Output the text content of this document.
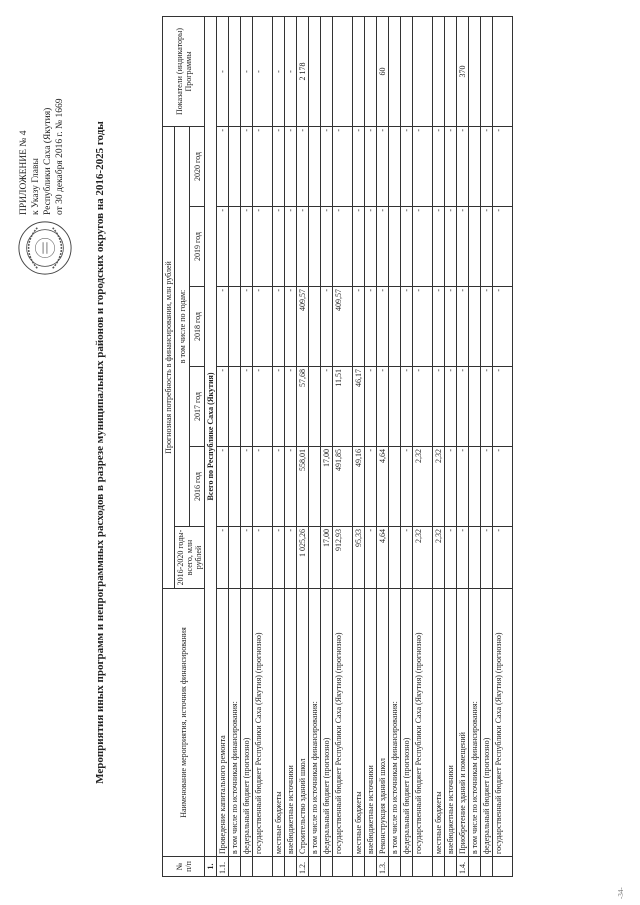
-34-
ПРИЛОЖЕНИЕ № 4 к Указу Главы Республики Саха (Якутия) от 30 декабря 2016 г. № 1669	Мероприятия иных программ и непрограммных расходов в разрезе муниципальных районов и городских округов на 2016-2025 годы
№ п/п	Наименование мероприятия, источник финансирования	Прогнозная потребность в финансировании, млн рублей						Показатели (индикаторы) Программы
		2016-2020 годы- всего, млн рублей	в том числе по годам:					
			2016 год	2017 год	2018 год	2019 год	2020 год	
1.	Всего по Республике Саха (Якутия)							
1.1.	Проведение капитального ремонта	-	-	-	-	-	-	-
	в том числе по источникам финансирования:							
	федеральный бюджет (прогнозно)	-	-	-	-	-	-	-
	государственный бюджет Республики Саха (Якутия) (прогнозно)	-	-	-	-	-	-	-
	местные бюджеты	-	-	-	-	-	-	-
	внебюджетные источники	-	-	-	-	-	-	-
1.2.	Строительство зданий школ	1 025,26	558,01	57,68	409,57	-	-	2 178
	в том числе по источникам финансирования:							
	федеральный бюджет (прогнозно)	17,00	17,00	-	-	-	-	
	государственный бюджет Республики Саха (Якутия) (прогнозно)	912,93	491,85	11,51	409,57	-	-	
	местные бюджеты	95,33	49,16	46,17	-	-	-	
	внебюджетные источники	-	-	-	-	-	-	
1.3.	Реконструкция зданий школ	4,64	4,64	-	-	-	-	60
	в том числе по источникам финансирования:							
	федеральный бюджет (прогнозно)	-	-	-	-	-	-	
	государственный бюджет Республики Саха (Якутия) (прогнозно)	2,32	2,32	-	-	-	-	
	местные бюджеты	2,32	2,32	-	-	-	-	
	внебюджетные источники	-	-	-	-	-	-	
1.4.	Приобретение зданий и помещений	-	-	-	-	-	-	370
	в том числе по источникам финансирования:							
	федеральный бюджет (прогнозно)	-	-	-	-	-	-	
	государственный бюджет Республики Саха (Якутия) (прогнозно)	-	-	-	-	-	-	
